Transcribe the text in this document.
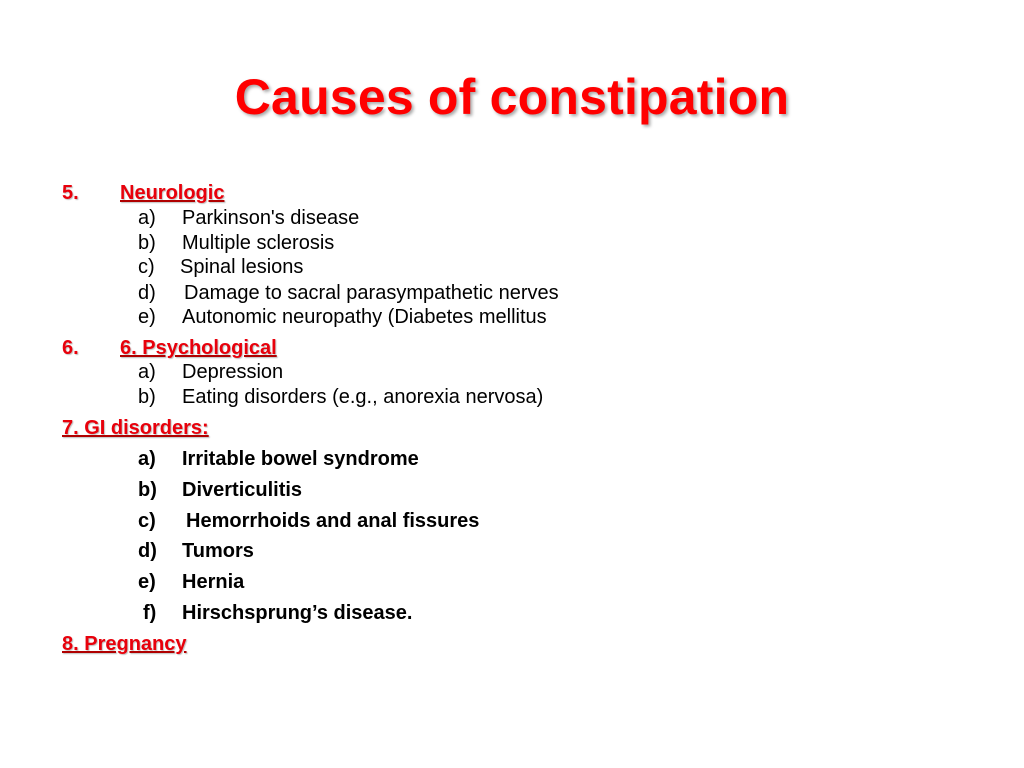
Causes of constipation
5. Neurologic
a) Parkinson's disease
b) Multiple sclerosis
c) Spinal lesions
d) Damage to sacral parasympathetic nerves
e) Autonomic neuropathy (Diabetes mellitus
6. 6. Psychological
a) Depression
b) Eating disorders (e.g., anorexia nervosa)
7. GI disorders:
a) Irritable bowel syndrome
b) Diverticulitis
c) Hemorrhoids and anal fissures
d) Tumors
e) Hernia
f) Hirschsprung’s disease.
8. Pregnancy
